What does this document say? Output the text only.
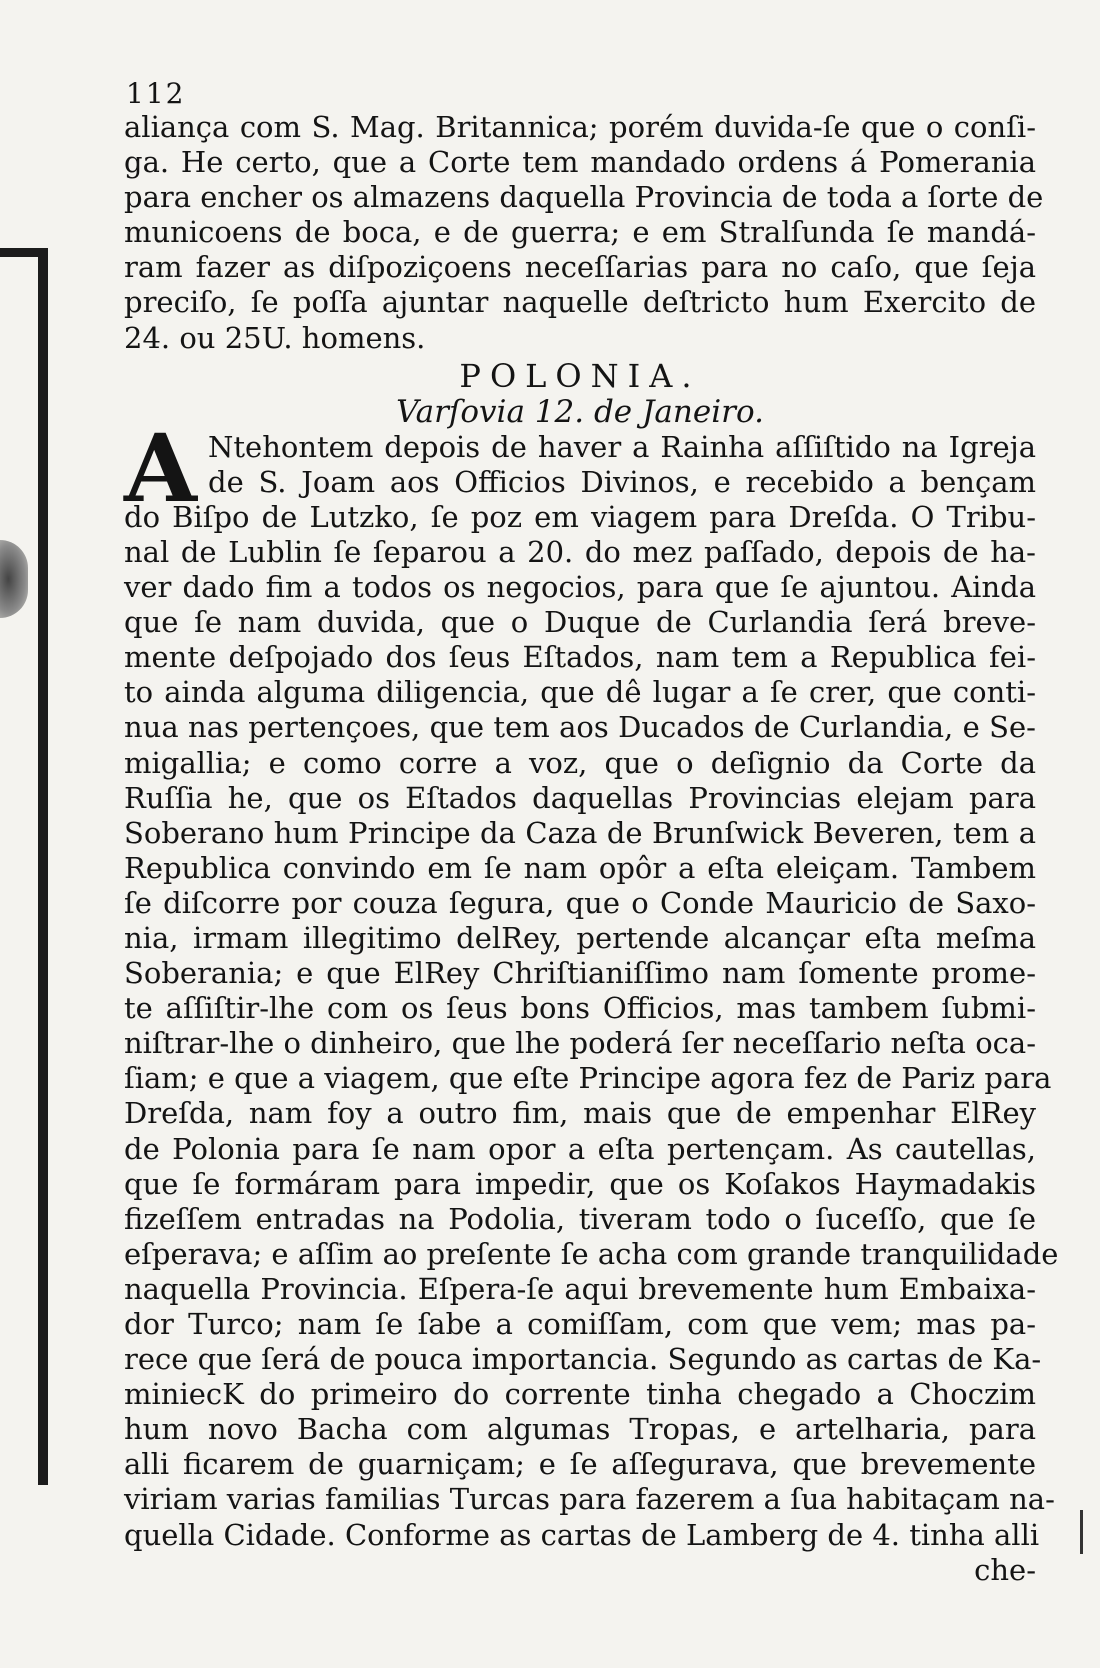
112
aliança com S. Mag. Britannica; porém duvida-ſe que o conſi-
ga. He certo, que a Corte tem mandado ordens á Pomerania
para encher os almazens daquella Provincia de toda a ſorte de
municoens de boca, e de guerra; e em Stralſunda ſe mandá-
ram fazer as diſpoziçoens neceſſarias para no caſo, que ſeja
preciſo, ſe poſſa ajuntar naquelle deſtricto hum Exercito de
24. ou 25U. homens.
POLONIA.
Varſovia 12. de Janeiro.
A Ntehontem depois de haver a Rainha aſſiſtido na Igreja
de S. Joam aos Officios Divinos, e recebido a bençam
do Biſpo de Lutzko, ſe poz em viagem para Dreſda. O Tribu-
nal de Lublin ſe ſeparou a 20. do mez paſſado, depois de ha-
ver dado fim a todos os negocios, para que ſe ajuntou. Ainda
que ſe nam duvida, que o Duque de Curlandia ſerá breve-
mente deſpojado dos ſeus Eſtados, nam tem a Republica fei-
to ainda alguma diligencia, que dê lugar a ſe crer, que conti-
nua nas pertençoes, que tem aos Ducados de Curlandia, e Se-
migallia; e como corre a voz, que o deſignio da Corte da
Ruſſia he, que os Eſtados daquellas Provincias elejam para
Soberano hum Principe da Caza de Brunſwick Beveren, tem a
Republica convindo em ſe nam opôr a eſta eleiçam. Tambem
ſe diſcorre por couza ſegura, que o Conde Mauricio de Saxo-
nia, irmam illegitimo delRey, pertende alcançar eſta meſma
Soberania; e que ElRey Chriſtianiſſimo nam ſomente prome-
te aſſiſtir-lhe com os ſeus bons Officios, mas tambem ſubmi-
niſtrar-lhe o dinheiro, que lhe poderá ſer neceſſario neſta oca-
ſiam; e que a viagem, que eſte Principe agora fez de Pariz para
Dreſda, nam foy a outro fim, mais que de empenhar ElRey
de Polonia para ſe nam opor a eſta pertençam. As cautellas,
que ſe formáram para impedir, que os Koſakos Haymadakis
fizeſſem entradas na Podolia, tiveram todo o ſuceſſo, que ſe
eſperava; e aſſim ao preſente ſe acha com grande tranquilidade
naquella Provincia. Eſpera-ſe aqui brevemente hum Embaixa-
dor Turco; nam ſe ſabe a comiſſam, com que vem; mas pa-
rece que ſerá de pouca importancia. Segundo as cartas de Ka-
miniecK do primeiro do corrente tinha chegado a Choczim
hum novo Bacha com algumas Tropas, e artelharia, para
alli ficarem de guarniçam; e ſe aſſegurava, que brevemente
viriam varias familias Turcas para fazerem a ſua habitaçam na-
quella Cidade. Conforme as cartas de Lamberg de 4. tinha alli
che-
